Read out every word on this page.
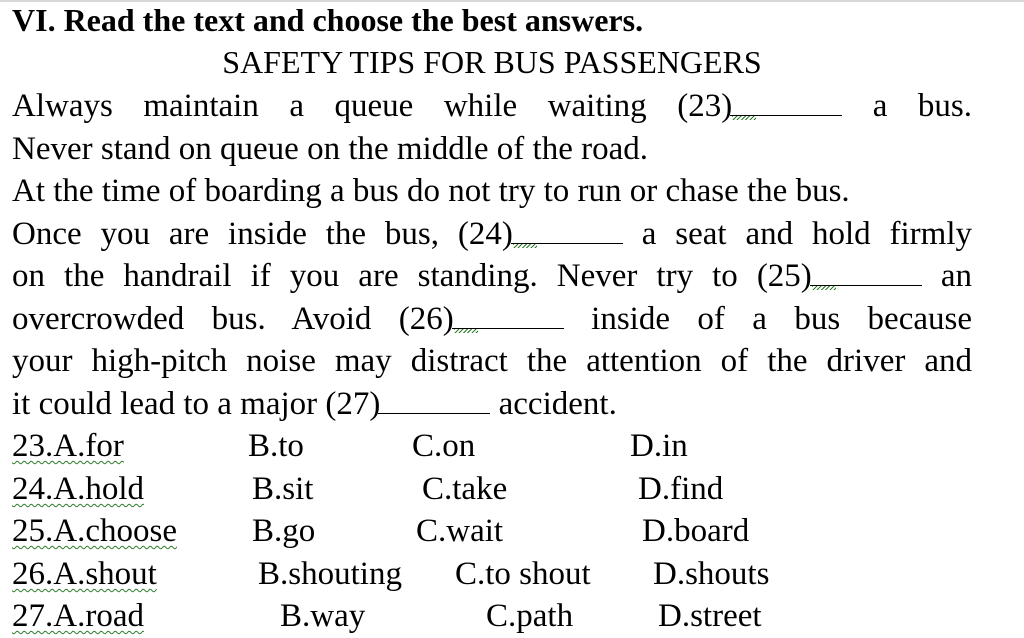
VI. Read the text and choose the best answers.
SAFETY TIPS FOR BUS PASSENGERS
Always maintain a queue while waiting (23)	a bus.
Never stand on queue on the middle of the road.
At the time of boarding a bus do not try to run or chase the bus.
Once you are inside the bus, (24)	a seat and hold firmly
on the handrail if you are standing. Never try to (25)	an
overcrowded bus. Avoid (26)	inside of a bus because
your high-pitch noise may distract the attention of the driver and
it could lead to a major (27)	accident.
23.A.for	B.to	C.on	D.in
24.A.hold	B.sit	C.take	D.find
25.A.choose B.go	C.wait	D.board
26.A.shout	B.shouting C.to shout D.shouts
27.A.road	B.way	C.path	D.street
